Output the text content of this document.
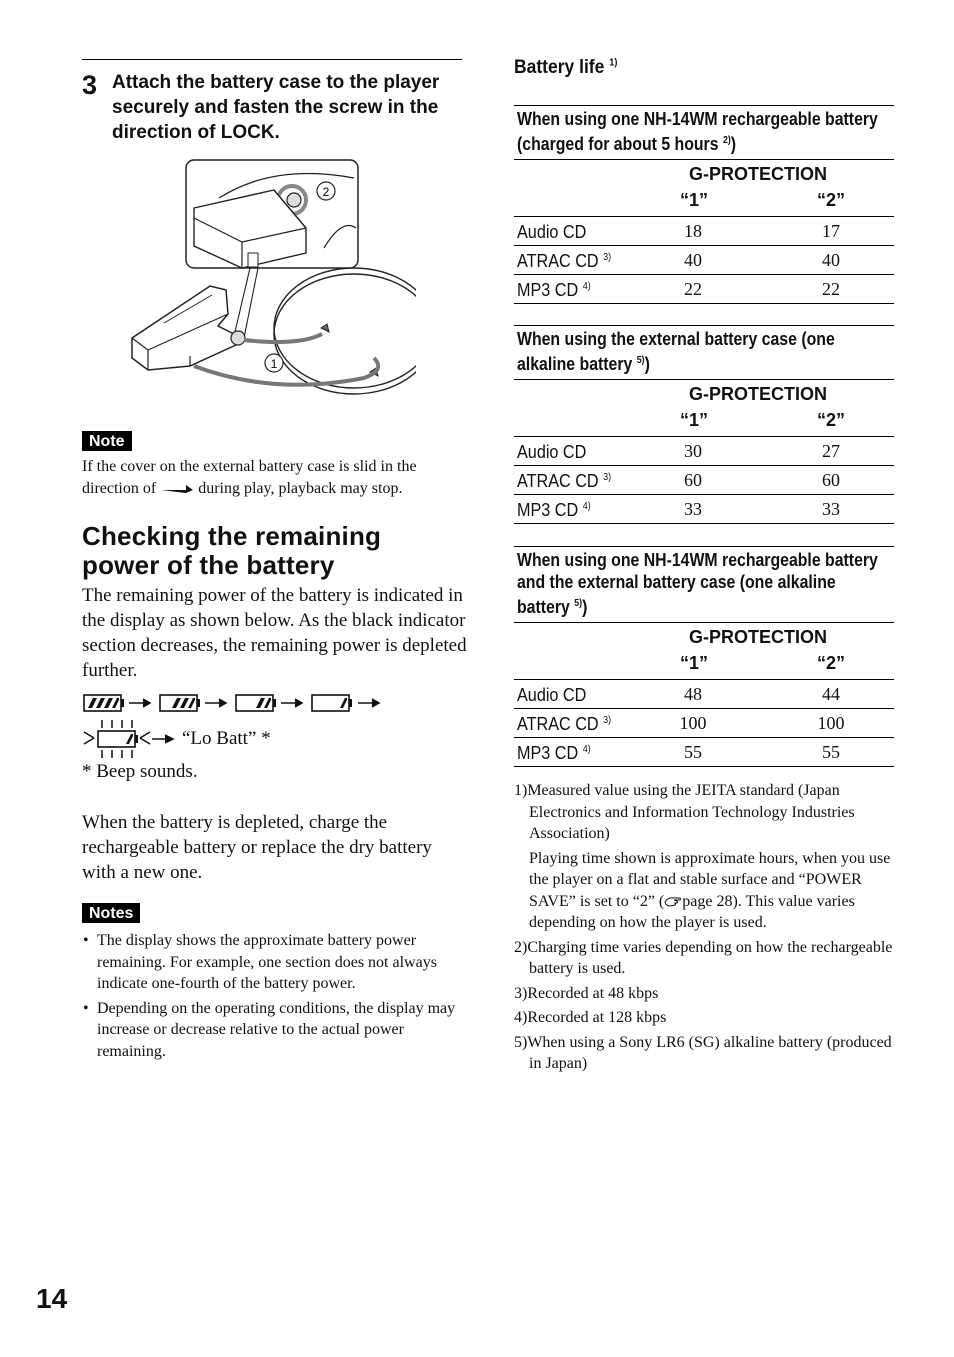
3 Attach the battery case to the player securely and fasten the screw in the direction of LOCK.
2
1
Note
If the cover on the external battery case is slid in the direction of	during play, playback may stop.
Checking the remaining power of the battery
The remaining power of the battery is indicated in the display as shown below. As the black indicator section decreases, the remaining power is depleted further.
“Lo Batt” *
* Beep sounds.
When the battery is depleted, charge the rechargeable battery or replace the dry battery with a new one.
Notes
• The display shows the approximate battery power remaining. For example, one section does not always indicate one-fourth of the battery power.
• Depending on the operating conditions, the display may increase or decrease relative to the actual power remaining.
Battery life $^{1)}$
When using one NH-14WM rechargeable battery (charged for about 5 hours $^{2)}$)
G-PROTECTION
“1”	“2”
Audio CD	18	17
ATRAC CD $^{3)}$	40	40
MP3 CD $^{4)}$	22	22
When using the external battery case (one alkaline battery $^{5)}$)
G-PROTECTION
“1”	“2”
Audio CD	30	27
ATRAC CD $^{3)}$	60	60
MP3 CD $^{4)}$	33	33
When using one NH-14WM rechargeable battery and the external battery case (one alkaline battery $^{5)}$)
G-PROTECTION
“1”	“2”
Audio CD	48	44
ATRAC CD $^{3)}$	100	100
MP3 CD $^{4)}$	55	55
1)Measured value using the JEITA standard (Japan Electronics and Information Technology Industries Association)
Playing time shown is approximate hours, when you use the player on a flat and stable surface and “POWER SAVE” is set to “2” ( page 28). This value varies depending on how the player is used.
2)Charging time varies depending on how the rechargeable battery is used.
3)Recorded at 48 kbps
4)Recorded at 128 kbps
5)When using a Sony LR6 (SG) alkaline battery (produced in Japan)
14
